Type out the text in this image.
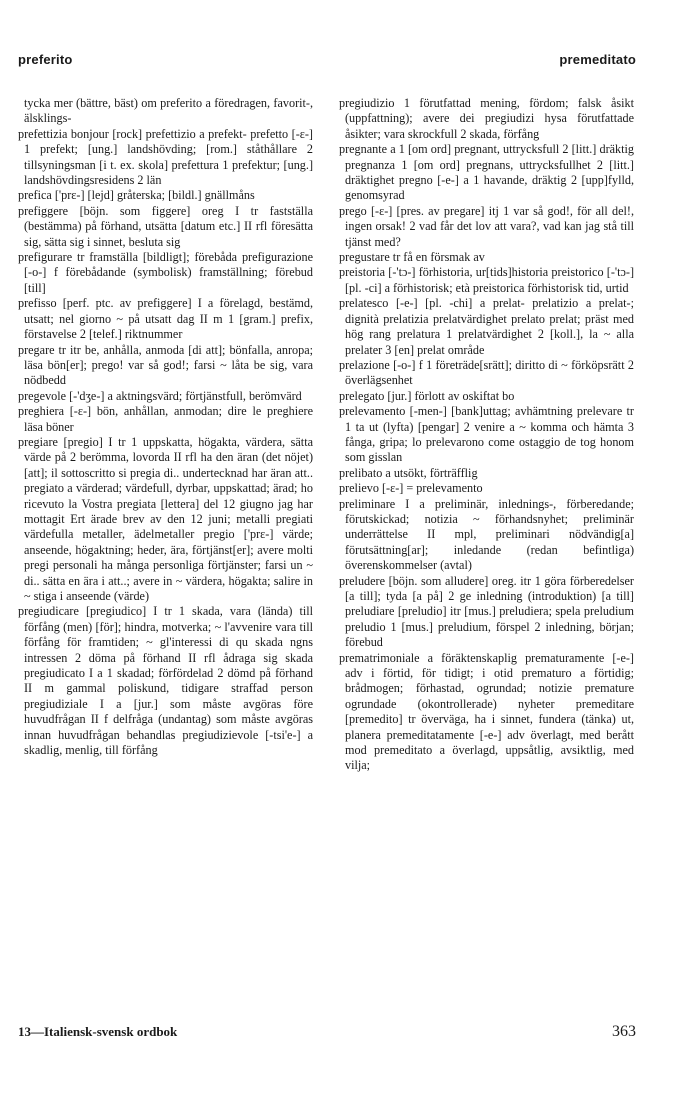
preferito	premeditato

tycka mer (bättre, bäst) om preferito a föredragen, favorit-, älsklings-

prefettizia bonjour [rock] prefettizio a prefekt- prefetto [-ε-] 1 prefekt; [ung.] landshövding; [rom.] ståthållare 2 tillsyningsman [i t. ex. skola] prefettura 1 prefektur; [ung.] landshövdingsresidens 2 län

prefica ['prε-] [lejd] gråterska; [bildl.] gnällmåns

prefiggere [böjn. som figgere] oreg I tr fastställa (bestämma) på förhand, utsätta [datum etc.] II rfl föresätta sig, sätta sig i sinnet, besluta sig

prefigurare tr framställa [bildligt]; förebåda prefigurazione [-o-] f förebådande (symbolisk) framställning; förebud [till]

prefisso [perf. ptc. av prefiggere] I a förelagd, bestämd, utsatt; nel giorno ~ på utsatt dag II m 1 [gram.] prefix, förstavelse 2 [telef.] riktnummer

pregare tr itr be, anhålla, anmoda [di att]; bönfalla, anropa; läsa bön[er]; prego! var så god!; farsi ~ låta be sig, vara nödbedd

pregevole [-'dʒe-] a aktningsvärd; förtjänstfull, berömvärd

preghiera [-ε-] bön, anhållan, anmodan; dire le preghiere läsa böner

pregiare [pregio] I tr 1 uppskatta, högakta, värdera, sätta värde på 2 berömma, lovorda II rfl ha den äran (det nöjet) [att]; il sottoscritto si pregia di.. undertecknad har äran att.. pregiato a värderad; värdefull, dyrbar, uppskattad; ärad; ho ricevuto la Vostra pregiata [lettera] del 12 giugno jag har mottagit Ert ärade brev av den 12 juni; metalli pregiati värdefulla metaller, ädelmetaller pregio ['prε-] värde; anseende, högaktning; heder, ära, förtjänst[er]; avere molti pregi personali ha många personliga förtjänster; farsi un ~ di.. sätta en ära i att..; avere in ~ värdera, högakta; salire in ~ stiga i anseende (värde)

pregiudicare [pregiudico] I tr 1 skada, vara (lända) till förfång (men) [för]; hindra, motverka; ~ l'avvenire vara till förfång för framtiden; ~ gl'interessi di qu skada ngns intressen 2 döma på förhand II rfl ådraga sig skada pregiudicato I a 1 skadad; förfördelad 2 dömd på förhand II m gammal poliskund, tidigare straffad person pregiudiziale I a [jur.] som måste avgöras före huvudfrågan II f delfråga (undantag) som måste avgöras innan huvudfrågan behandlas pregiudizievole [-tsi'e-] a skadlig, menlig, till förfång

pregiudizio 1 förutfattad mening, fördom; falsk åsikt (uppfattning); avere dei pregiudizi hysa förutfattade åsikter; vara skrockfull 2 skada, förfång

pregnante a 1 [om ord] pregnant, uttrycksfull 2 [litt.] dräktig pregnanza 1 [om ord] pregnans, uttrycksfullhet 2 [litt.] dräktighet pregno [-e-] a 1 havande, dräktig 2 [upp]fylld, genomsyrad

prego [-ε-] [pres. av pregare] itj 1 var så god!, för all del!, ingen orsak! 2 vad får det lov att vara?, vad kan jag stå till tjänst med?

pregustare tr få en försmak av

preistoria [-'tɔ-] förhistoria, ur[tids]historia preistorico [-'tɔ-] [pl. -ci] a förhistorisk; età preistorica förhistorisk tid, urtid

prelatesco [-e-] [pl. -chi] a prelat- prelatizio a prelat-; dignità prelatizia prelatvärdighet prelato prelat; präst med hög rang prelatura 1 prelatvärdighet 2 [koll.], la ~ alla prelater 3 [en] prelat område

prelazione [-o-] f 1 företräde[srätt]; diritto di ~ förköpsrätt 2 överlägsenhet

prelegato [jur.] förlott av oskiftat bo

prelevamento [-men-] [bank]uttag; avhämtning prelevare tr 1 ta ut (lyfta) [pengar] 2 venire a ~ komma och hämta 3 fånga, gripa; lo prelevarono come ostaggio de tog honom som gisslan

prelibato a utsökt, förträfflig

prelievo [-ε-] = prelevamento

preliminare I a preliminär, inlednings-, förberedande; förutskickad; notizia ~ förhandsnyhet; preliminär underrättelse II mpl, preliminari nödvändig[a] förutsättning[ar]; inledande (redan befintliga) överenskommelser (avtal)

preludere [böjn. som alludere] oreg. itr 1 göra förberedelser [a till]; tyda [a på] 2 ge inledning (introduktion) [a till] preludiare [preludio] itr [mus.] preludiera; spela preludium preludio 1 [mus.] preludium, förspel 2 inledning, början; förebud

prematrimoniale a föräktenskaplig prematuramente [-e-] adv i förtid, för tidigt; i otid prematuro a förtidig; brådmogen; förhastad, ogrundad; notizie premature ogrundade (okontrollerade) nyheter premeditare [premedito] tr överväga, ha i sinnet, fundera (tänka) ut, planera premeditatamente [-e-] adv överlagt, med berått mod premeditato a överlagd, uppsåtlig, avsiktlig, med vilja;

13—Italiensk-svensk ordbok	363
